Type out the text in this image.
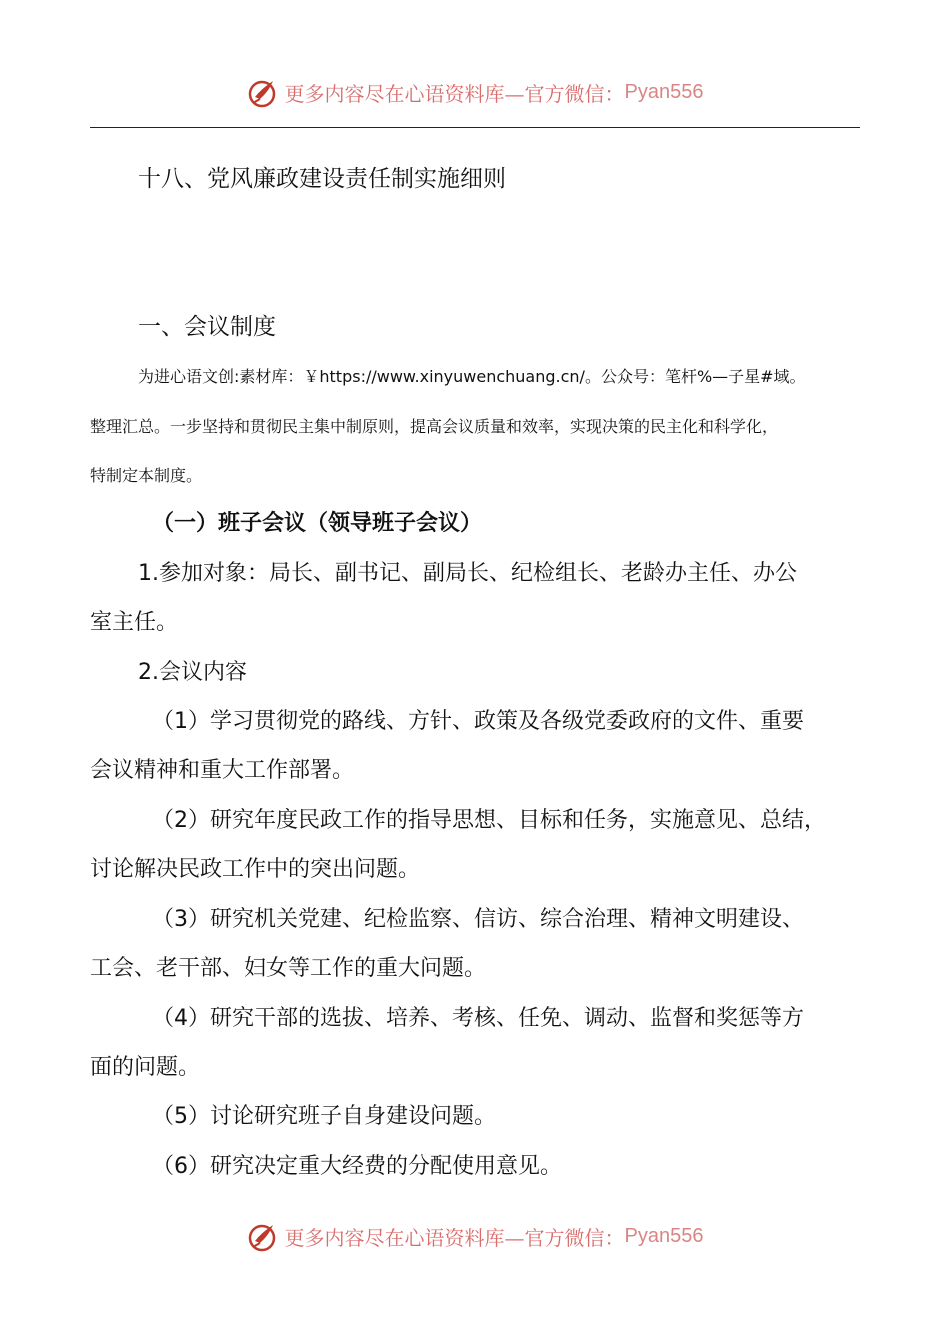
更多内容尽在心语资料库—官方微信： Pyan556
十八、党风廉政建设责任制实施细则
一、会议制度
为进心语文创:素材库：￥https://www.xinyuwenchuang.cn/。公众号：笔杆%—子星#域。
整理汇总。一步坚持和贯彻民主集中制原则，提高会议质量和效率，实现决策的民主化和科学化，
特制定本制度。
（一）班子会议（领导班子会议）
1.参加对象：局长、副书记、副局长、纪检组长、老龄办主任、办公
室主任。
2.会议内容
（1）学习贯彻党的路线、方针、政策及各级党委政府的文件、重要
会议精神和重大工作部署。
（2）研究年度民政工作的指导思想、目标和任务，实施意见、总结，
讨论解决民政工作中的突出问题。
（3）研究机关党建、纪检监察、信访、综合治理、精神文明建设、
工会、老干部、妇女等工作的重大问题。
（4）研究干部的选拔、培养、考核、任免、调动、监督和奖惩等方
面的问题。
（5）讨论研究班子自身建设问题。
（6）研究决定重大经费的分配使用意见。
更多内容尽在心语资料库—官方微信： Pyan556
